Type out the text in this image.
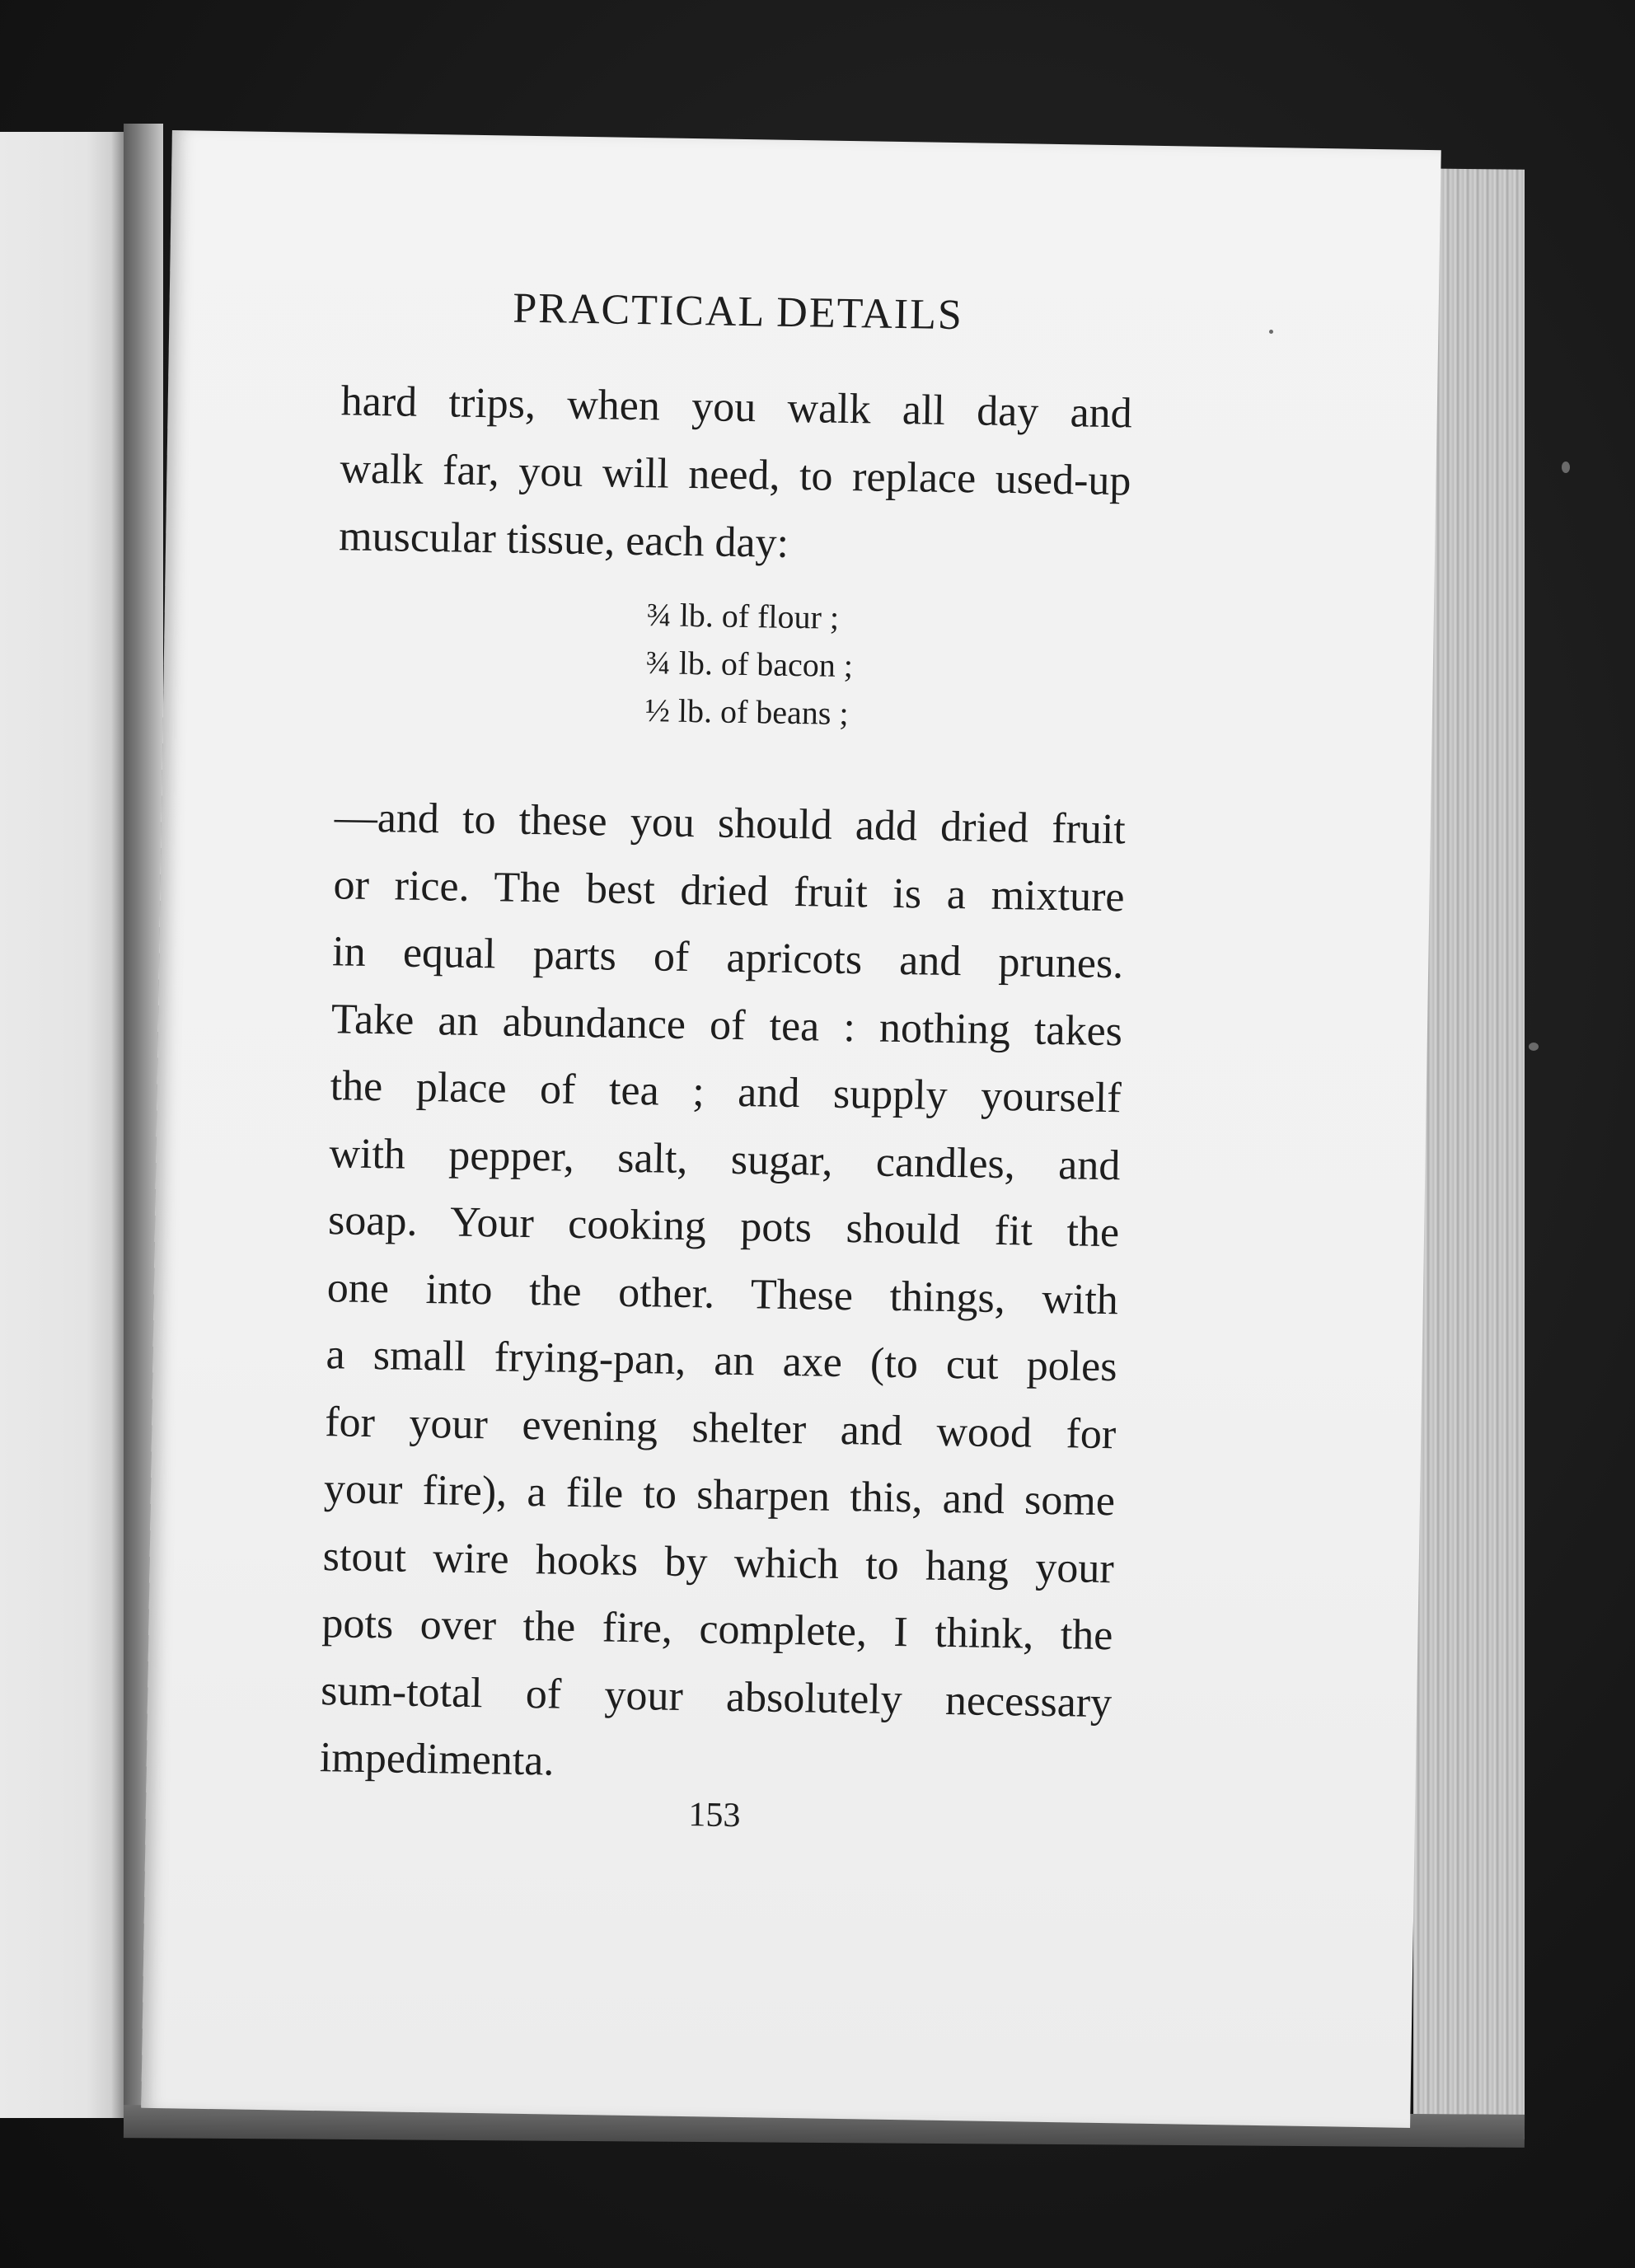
PRACTICAL DETAILS
hard trips, when you walk all day and
walk far, you will need, to replace used-up
muscular tissue, each day:
¾ lb. of flour ;
¾ lb. of bacon ;
½ lb. of beans ;
—and to these you should add dried fruit
or rice. The best dried fruit is a mixture
in equal parts of apricots and prunes.
Take an abundance of tea : nothing takes
the place of tea ; and supply yourself
with pepper, salt, sugar, candles, and
soap. Your cooking pots should fit the
one into the other. These things, with
a small frying-pan, an axe (to cut poles
for your evening shelter and wood for
your fire), a file to sharpen this, and some
stout wire hooks by which to hang your
pots over the fire, complete, I think, the
sum-total of your absolutely necessary
impedimenta.
153
